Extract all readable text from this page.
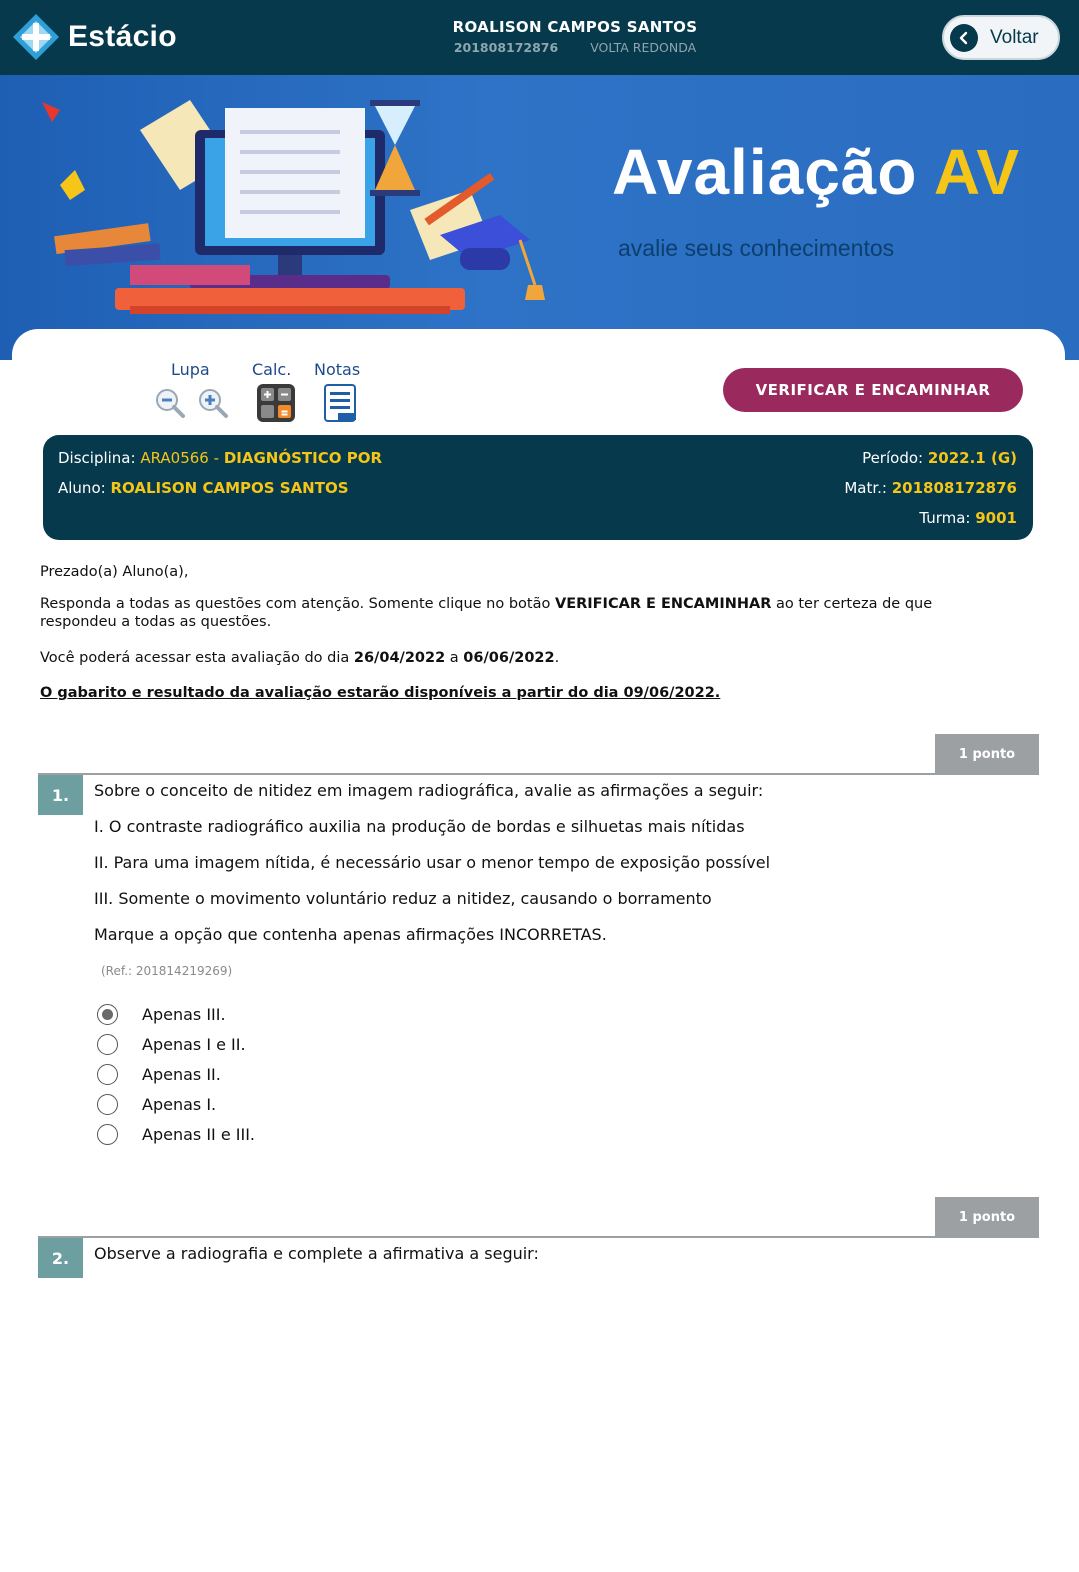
Estácio	ROALISON CAMPOS SANTOS
201808172876	VOLTA REDONDA	Voltar
Avaliação AV
avalie seus conhecimentos
Lupa	Calc. Notas
VERIFICAR E ENCAMINHAR
Disciplina: ARA0566 - DIAGNÓSTICO POR
Aluno: ROALISON CAMPOS SANTOS
Período: 2022.1 (G)
Matr.: 201808172876
Turma: 9001
Prezado(a) Aluno(a),
Responda a todas as questões com atenção. Somente clique no botão VERIFICAR E ENCAMINHAR ao ter certeza de que
respondeu a todas as questões.
Você poderá acessar esta avaliação do dia 26/04/2022 a 06/06/2022.
O gabarito e resultado da avaliação estarão disponíveis a partir do dia 09/06/2022.
1 ponto
1.	Sobre o conceito de nitidez em imagem radiográfica, avalie as afirmações a seguir:
I. O contraste radiográfico auxilia na produção de bordas e silhuetas mais nítidas
II. Para uma imagem nítida, é necessário usar o menor tempo de exposição possível
III. Somente o movimento voluntário reduz a nitidez, causando o borramento
Marque a opção que contenha apenas afirmações INCORRETAS.
(Ref.: 201814219269)
Apenas III.
Apenas I e II.
Apenas II.
Apenas I.
Apenas II e III.
1 ponto
2.	Observe a radiografia e complete a afirmativa a seguir:
